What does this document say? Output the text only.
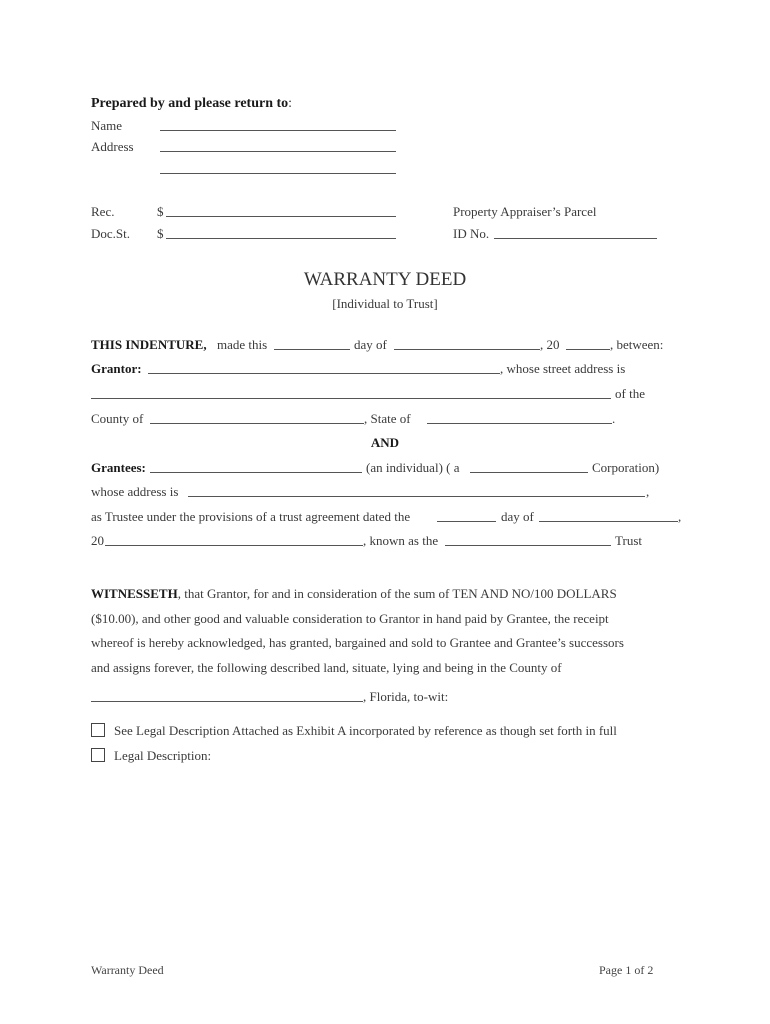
Prepared by and please return to:
Name
Address
Rec.	$
Doc.St. $
Property Appraiser’s Parcel
ID No.
WARRANTY DEED
[Individual to Trust]
THIS INDENTURE, made this	day of	, 20	, between:
Grantor:	, whose street address is
of the
County of	, State of	.
AND
Grantees:	(an individual) ( a	Corporation)
whose address is	,
as Trustee under the provisions of a trust agreement dated the	day of	,
20	, known as the	Trust
WITNESSETH, that Grantor, for and in consideration of the sum of TEN AND NO/100 DOLLARS
($10.00), and other good and valuable consideration to Grantor in hand paid by Grantee, the receipt
whereof is hereby acknowledged, has granted, bargained and sold to Grantee and Grantee’s successors
and assigns forever, the following described land, situate, lying and being in the County of
, Florida, to-wit:
See Legal Description Attached as Exhibit A incorporated by reference as though set forth in full
Legal Description:
Warranty Deed	Page 1 of 2
